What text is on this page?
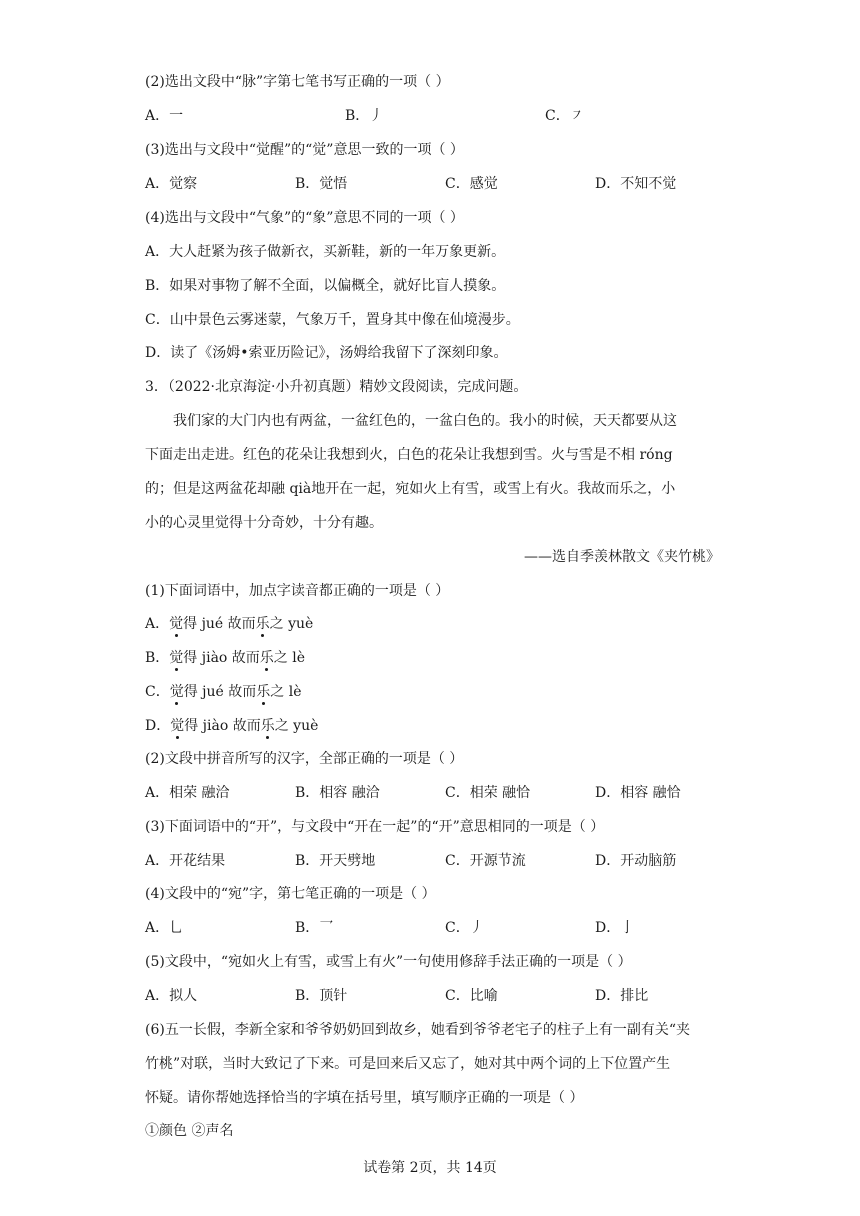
(2)选出文段中“脉”字第七笔书写正确的一项（ ）
A．一	B．丿	C．㇇
(3)选出与文段中“觉醒”的“觉”意思一致的一项（ ）
A．觉察	B．觉悟	C．感觉	D．不知不觉
(4)选出与文段中“气象”的“象”意思不同的一项（ ）
A．大人赶紧为孩子做新衣，买新鞋，新的一年万象更新。
B．如果对事物了解不全面，以偏概全，就好比盲人摸象。
C．山中景色云雾迷蒙，气象万千，置身其中像在仙境漫步。
D．读了《汤姆•索亚历险记》，汤姆给我留下了深刻印象。
3．（2022·北京海淀·小升初真题）精妙文段阅读，完成问题。
我们家的大门内也有两盆，一盆红色的，一盆白色的。我小的时候，天天都要从这
下面走出走进。红色的花朵让我想到火，白色的花朵让我想到雪。火与雪是不相 róng
的；但是这两盆花却融 qià地开在一起，宛如火上有雪，或雪上有火。我故而乐之，小
小的心灵里觉得十分奇妙，十分有趣。
——选自季羡林散文《夹竹桃》
(1)下面词语中，加点字读音都正确的一项是（ ）
A．觉得 jué 故而乐之 yuè
B．觉得 jiào 故而乐之 lè
C．觉得 jué 故而乐之 lè
D．觉得 jiào 故而乐之 yuè
(2)文段中拼音所写的汉字，全部正确的一项是（ ）
A．相荣 融洽	B．相容 融洽	C．相荣 融恰	D．相容 融恰
(3)下面词语中的“开”，与文段中“开在一起”的“开”意思相同的一项是（ ）
A．开花结果	B．开天劈地	C．开源节流	D．开动脑筋
(4)文段中的“宛”字，第七笔正确的一项是（ ）
A．乚	B．乛	C．丿	D．亅
(5)文段中，“宛如火上有雪，或雪上有火”一句使用修辞手法正确的一项是（ ）
A．拟人	B．顶针	C．比喻	D．排比
(6)五一长假，李新全家和爷爷奶奶回到故乡，她看到爷爷老宅子的柱子上有一副有关“夹
竹桃”对联，当时大致记了下来。可是回来后又忘了，她对其中两个词的上下位置产生
怀疑。请你帮她选择恰当的字填在括号里，填写顺序正确的一项是（ ）
①颜色 ②声名
试卷第 2页，共 14页
